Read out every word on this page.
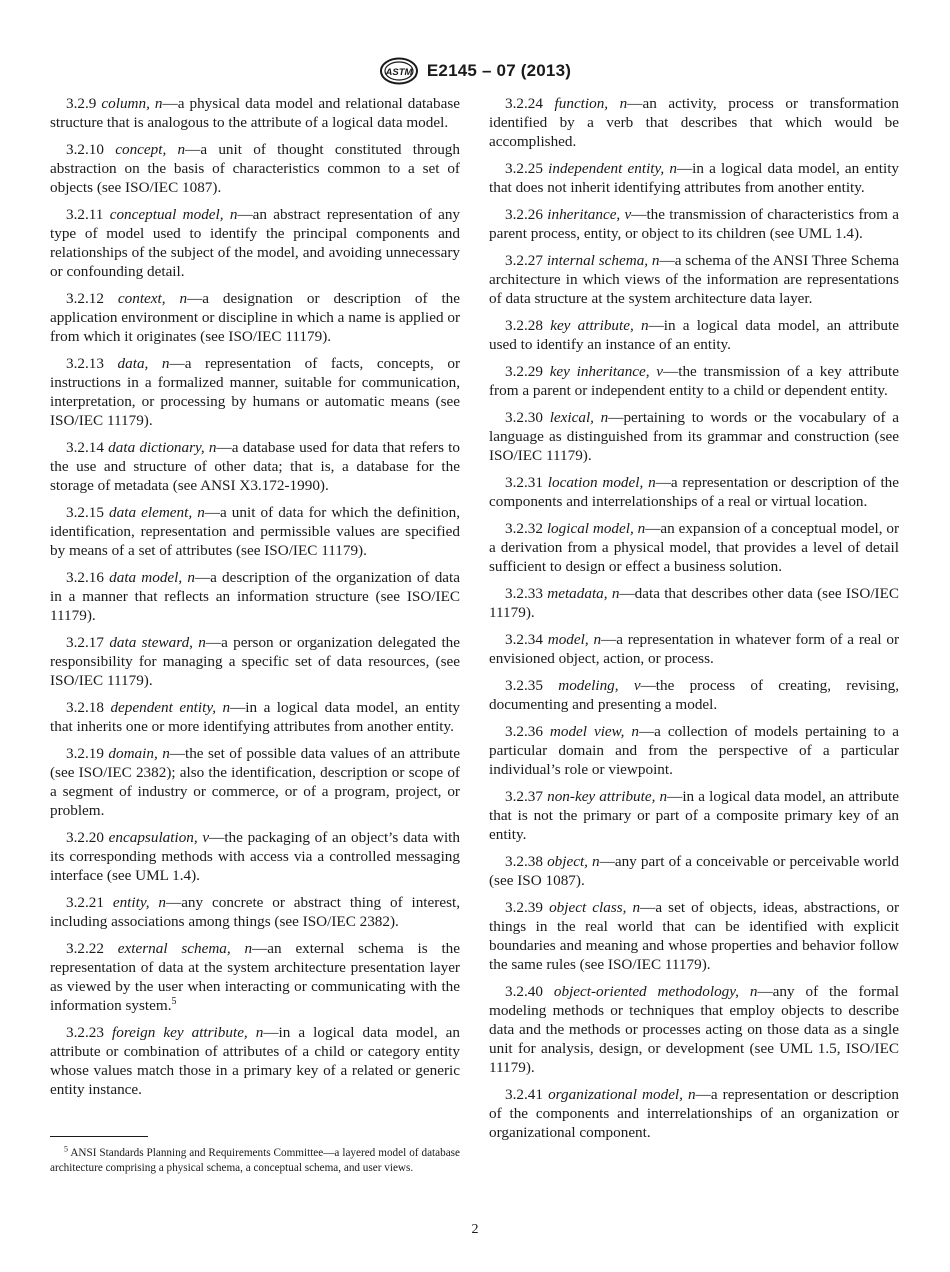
ASTM E2145 – 07 (2013)

3.2.9 column, n—a physical data model and relational database structure that is analogous to the attribute of a logical data model.

3.2.10 concept, n—a unit of thought constituted through abstraction on the basis of characteristics common to a set of objects (see ISO/IEC 1087).

3.2.11 conceptual model, n—an abstract representation of any type of model used to identify the principal components and relationships of the subject of the model, and avoiding unnecessary or confounding detail.

3.2.12 context, n—a designation or description of the application environment or discipline in which a name is applied or from which it originates (see ISO/IEC 11179).

3.2.13 data, n—a representation of facts, concepts, or instructions in a formalized manner, suitable for communication, interpretation, or processing by humans or automatic means (see ISO/IEC 11179).

3.2.14 data dictionary, n—a database used for data that refers to the use and structure of other data; that is, a database for the storage of metadata (see ANSI X3.172-1990).

3.2.15 data element, n—a unit of data for which the definition, identification, representation and permissible values are specified by means of a set of attributes (see ISO/IEC 11179).

3.2.16 data model, n—a description of the organization of data in a manner that reflects an information structure (see ISO/IEC 11179).

3.2.17 data steward, n—a person or organization delegated the responsibility for managing a specific set of data resources, (see ISO/IEC 11179).

3.2.18 dependent entity, n—in a logical data model, an entity that inherits one or more identifying attributes from another entity.

3.2.19 domain, n—the set of possible data values of an attribute (see ISO/IEC 2382); also the identification, description or scope of a segment of industry or commerce, or of a program, project, or problem.

3.2.20 encapsulation, v—the packaging of an object’s data with its corresponding methods with access via a controlled messaging interface (see UML 1.4).

3.2.21 entity, n—any concrete or abstract thing of interest, including associations among things (see ISO/IEC 2382).

3.2.22 external schema, n—an external schema is the representation of data at the system architecture presentation layer as viewed by the user when interacting or communicating with the information system.$^5$

3.2.23 foreign key attribute, n—in a logical data model, an attribute or combination of attributes of a child or category entity whose values match those in a primary key of a related or generic entity instance.

3.2.24 function, n—an activity, process or transformation identified by a verb that describes that which would be accomplished.

3.2.25 independent entity, n—in a logical data model, an entity that does not inherit identifying attributes from another entity.

3.2.26 inheritance, v—the transmission of characteristics from a parent process, entity, or object to its children (see UML 1.4).

3.2.27 internal schema, n—a schema of the ANSI Three Schema architecture in which views of the information are representations of data structure at the system architecture data layer.

3.2.28 key attribute, n—in a logical data model, an attribute used to identify an instance of an entity.

3.2.29 key inheritance, v—the transmission of a key attribute from a parent or independent entity to a child or dependent entity.

3.2.30 lexical, n—pertaining to words or the vocabulary of a language as distinguished from its grammar and construction (see ISO/IEC 11179).

3.2.31 location model, n—a representation or description of the components and interrelationships of a real or virtual location.

3.2.32 logical model, n—an expansion of a conceptual model, or a derivation from a physical model, that provides a level of detail sufficient to design or effect a business solution.

3.2.33 metadata, n—data that describes other data (see ISO/IEC 11179).

3.2.34 model, n—a representation in whatever form of a real or envisioned object, action, or process.

3.2.35 modeling, v—the process of creating, revising, documenting and presenting a model.

3.2.36 model view, n—a collection of models pertaining to a particular domain and from the perspective of a particular individual’s role or viewpoint.

3.2.37 non-key attribute, n—in a logical data model, an attribute that is not the primary or part of a composite primary key of an entity.

3.2.38 object, n—any part of a conceivable or perceivable world (see ISO 1087).

3.2.39 object class, n—a set of objects, ideas, abstractions, or things in the real world that can be identified with explicit boundaries and meaning and whose properties and behavior follow the same rules (see ISO/IEC 11179).

3.2.40 object-oriented methodology, n—any of the formal modeling methods or techniques that employ objects to describe data and the methods or processes acting on those data as a single unit for analysis, design, or development (see UML 1.5, ISO/IEC 11179).

3.2.41 organizational model, n—a representation or description of the components and interrelationships of an organization or organizational component.

$^5$ ANSI Standards Planning and Requirements Committee—a layered model of database architecture comprising a physical schema, a conceptual schema, and user views.
2
